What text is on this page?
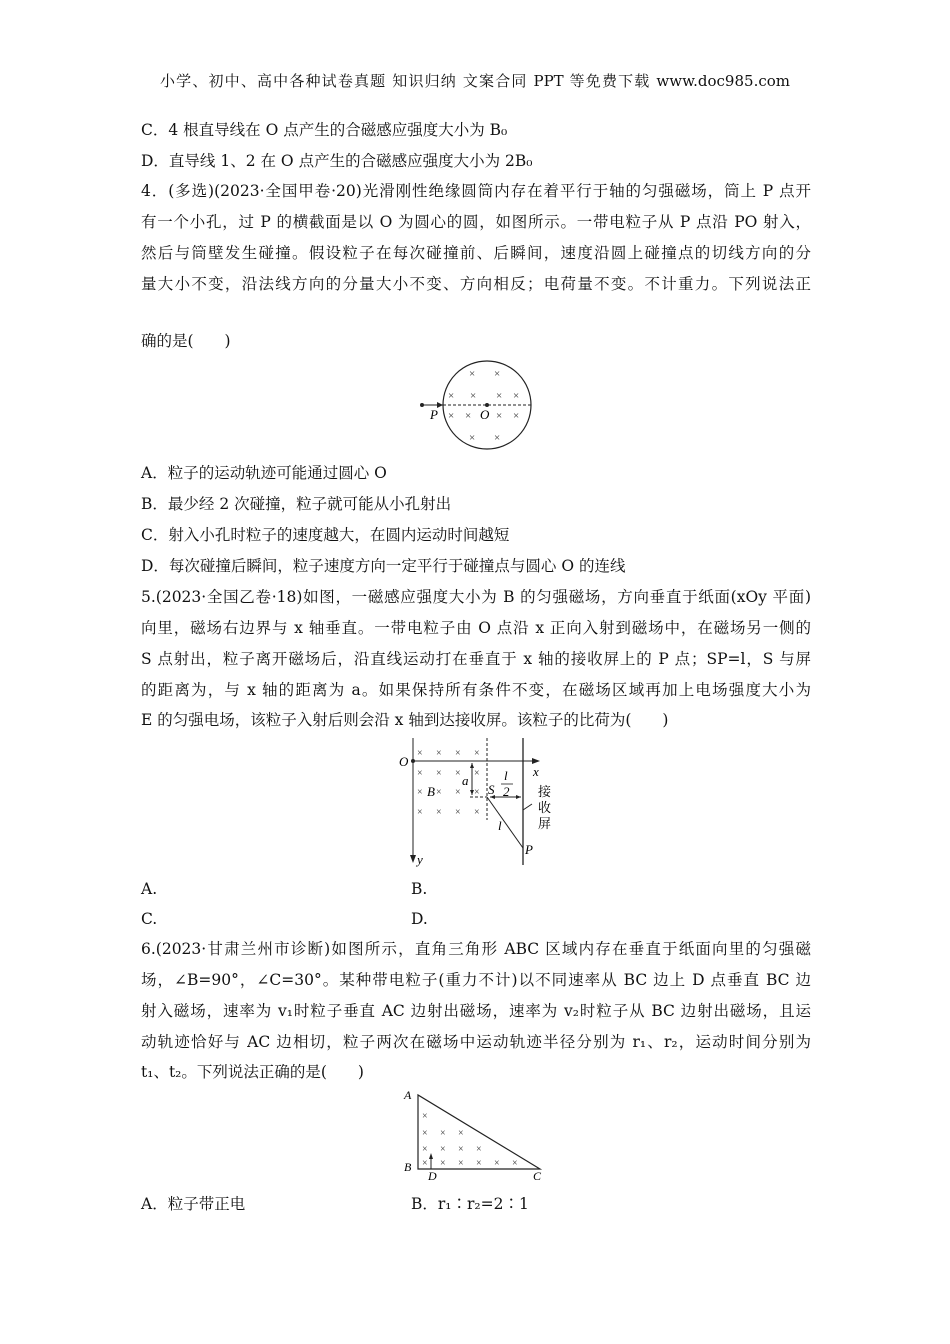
小学、初中、高中各种试卷真题 知识归纳 文案合同 PPT 等免费下载 www.doc985.com
C．4 根直导线在 O 点产生的合磁感应强度大小为 B₀
D．直导线 1、2 在 O 点产生的合磁感应强度大小为 2B₀
4．(多选)(2023·全国甲卷·20)光滑刚性绝缘圆筒内存在着平行于轴的匀强磁场，筒上 P 点开
有一个小孔，过 P 的横截面是以 O 为圆心的圆，如图所示。一带电粒子从 P 点沿 PO 射入，
然后与筒壁发生碰撞。假设粒子在每次碰撞前、后瞬间，速度沿圆上碰撞点的切线方向的分
量大小不变，沿法线方向的分量大小不变、方向相反；电荷量不变。不计重力。下列说法正
确的是(　　)
P	O
× ×
× × × ×
× × × ×
× ×
A．粒子的运动轨迹可能通过圆心 O
B．最少经 2 次碰撞，粒子就可能从小孔射出
C．射入小孔时粒子的速度越大，在圆内运动时间越短
D．每次碰撞后瞬间，粒子速度方向一定平行于碰撞点与圆心 O 的连线
5.(2023·全国乙卷·18)如图，一磁感应强度大小为 B 的匀强磁场，方向垂直于纸面(xOy 平面)
向里，磁场右边界与 x 轴垂直。一带电粒子由 O 点沿 x 正向入射到磁场中，在磁场另一侧的
S 点射出，粒子离开磁场后，沿直线运动打在垂直于 x 轴的接收屏上的 P 点；SP=l，S 与屏
的距离为，与 x 轴的距离为 a。如果保持所有条件不变，在磁场区域再加上电场强度大小为
E 的匀强电场，该粒子入射后则会沿 x 轴到达接收屏。该粒子的比荷为(　　)
× × × ×
× × × ×
× × × ×
× × × ×
O
x
y
a
B	S
l
2
l
P
接
收
屏
A.	B.
C.	D.
6.(2023·甘肃兰州市诊断)如图所示，直角三角形 ABC 区域内存在垂直于纸面向里的匀强磁
场，∠B=90°，∠C=30°。某种带电粒子(重力不计)以不同速率从 BC 边上 D 点垂直 BC 边
射入磁场，速率为 v₁时粒子垂直 AC 边射出磁场，速率为 v₂时粒子从 BC 边射出磁场，且运
动轨迹恰好与 AC 边相切，粒子两次在磁场中运动轨迹半径分别为 r₁、r₂，运动时间分别为
t₁、t₂。下列说法正确的是(　　)
×
× × ×
× × × ×
× × × × × ×
A
B
C
D
A．粒子带正电	B．r₁∶r₂=2∶1
